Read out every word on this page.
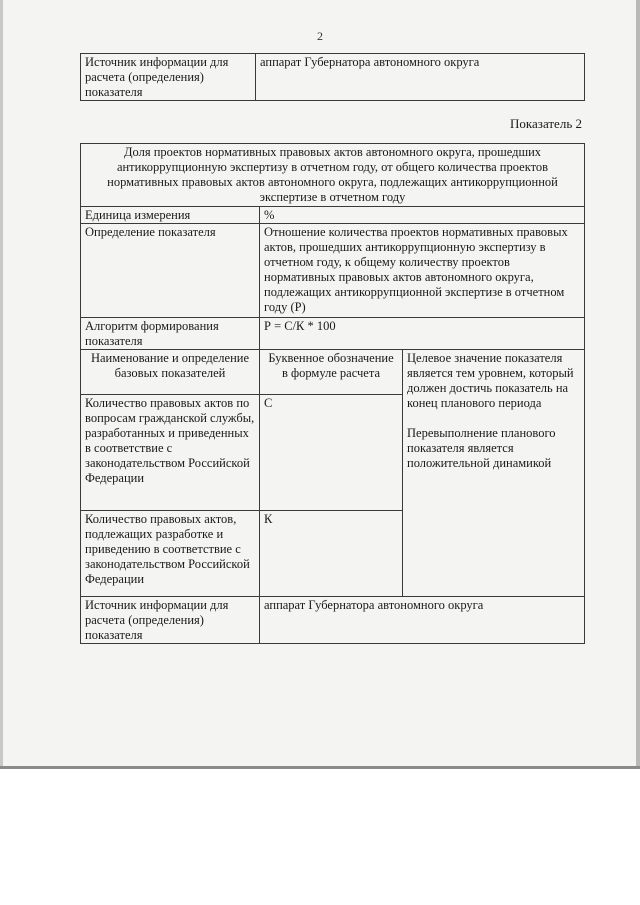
2
Источник информации для расчета (определения) показателя	аппарат Губернатора автономного округа
Показатель 2
Доля проектов нормативных правовых актов автономного округа, прошедших антикоррупционную экспертизу в отчетном году, от общего количества проектов нормативных правовых актов автономного округа, подлежащих антикоррупционной экспертизе в отчетном году		
Единица измерения	%	
Определение показателя	Отношение количества проектов нормативных правовых актов, прошедших антикоррупционную экспертизу в отчетном году, к общему количеству проектов нормативных правовых актов автономного округа, подлежащих антикоррупционной экспертизе в отчетном году (Р)	
Алгоритм формирования показателя	Р = С/К * 100	
Наименование и определение базовых показателей	Буквенное обозначение в формуле расчета	Целевое значение показателя является тем уровнем, который должен достичь показатель на конец планового периода
Перевыполнение планового показателя является положительной динамикой

Количество правовых актов по вопросам гражданской службы, разработанных и приведенных в соответствие с законодательством Российской Федерации	С	
Количество правовых актов, подлежащих разработке и приведению в соответствие с законодательством Российской Федерации	К	
Источник информации для расчета (определения) показателя	аппарат Губернатора автономного округа	
